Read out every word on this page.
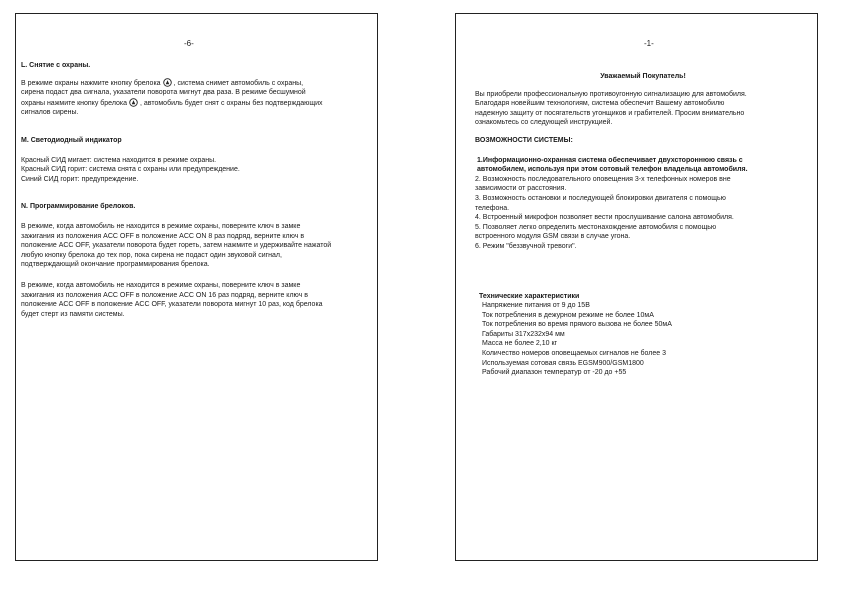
-6-

L. Снятие с охраны.

В режиме охраны нажмите кнопку брелока , система снимет автомобиль с охраны,
сирена подаст два сигнала, указатели поворота мигнут два раза. В режиме бесшумной
охраны нажмите кнопку брелока , автомобиль будет снят с охраны без подтверждающих
сигналов сирены.

M. Светодиодный индикатор

Красный СИД мигает: система находится в режиме охраны.
Красный СИД горит: система снята с охраны или предупреждение.
Синий СИД горит: предупреждение.

N. Программирование брелоков.

В режиме, когда автомобиль не находится в режиме охраны, поверните ключ в замке
зажигания из положения ACC OFF в положение ACC ON 8 раз подряд, верните ключ в
положение ACC OFF, указатели поворота будет гореть, затем нажмите и удерживайте нажатой
любую кнопку брелока до тех пор, пока сирена не подаст один звуковой сигнал,
подтверждающий окончание программирования брелока.

В режиме, когда автомобиль не находится в режиме охраны, поверните ключ в замке
зажигания из положения ACC OFF в положение ACC ON 16 раз подряд, верните ключ в
положение ACC OFF в положение ACC OFF, указатели поворота мигнут 10 раз, код брелока
будет стерт из памяти системы.

-1-

Уважаемый Покупатель!

Вы приобрели профессиональную противоугонную сигнализацию для автомобиля.
Благодаря новейшим технологиям, система обеспечит Вашему автомобилю
надежную защиту от посягательств угонщиков и грабителей. Просим внимательно
ознакомьтесь со следующей инструкцией.

ВОЗМОЖНОСТИ СИСТЕМЫ:

1.Информационно-охранная система обеспечивает двухстороннюю связь с
автомобилем, используя при этом сотовый телефон владельца автомобиля.

2. Возможность последовательного оповещения 3-х телефонных номеров вне
зависимости от расстояния.

3. Возможность остановки и последующей блокировки двигателя с помощью
телефона.

4. Встроенный микрофон позволяет вести прослушивание салона автомобиля.

5. Позволяет легко определить местонахождение автомобиля с помощью
встроенного модуля GSM связи в случае угона.

6. Режим "беззвучной тревоги".

Технические характеристики

Напряжение питания от 9 до 15В
Ток потребления в дежурном режиме не более 10мА
Ток потребления во время прямого вызова не более 50мА
Габариты 317х232х94 мм
Масса не более 2,10 кг
Количество номеров оповещаемых сигналов не более 3
Используемая сотовая связь EGSM900/GSM1800
Рабочий диапазон температур от -20 до +55
